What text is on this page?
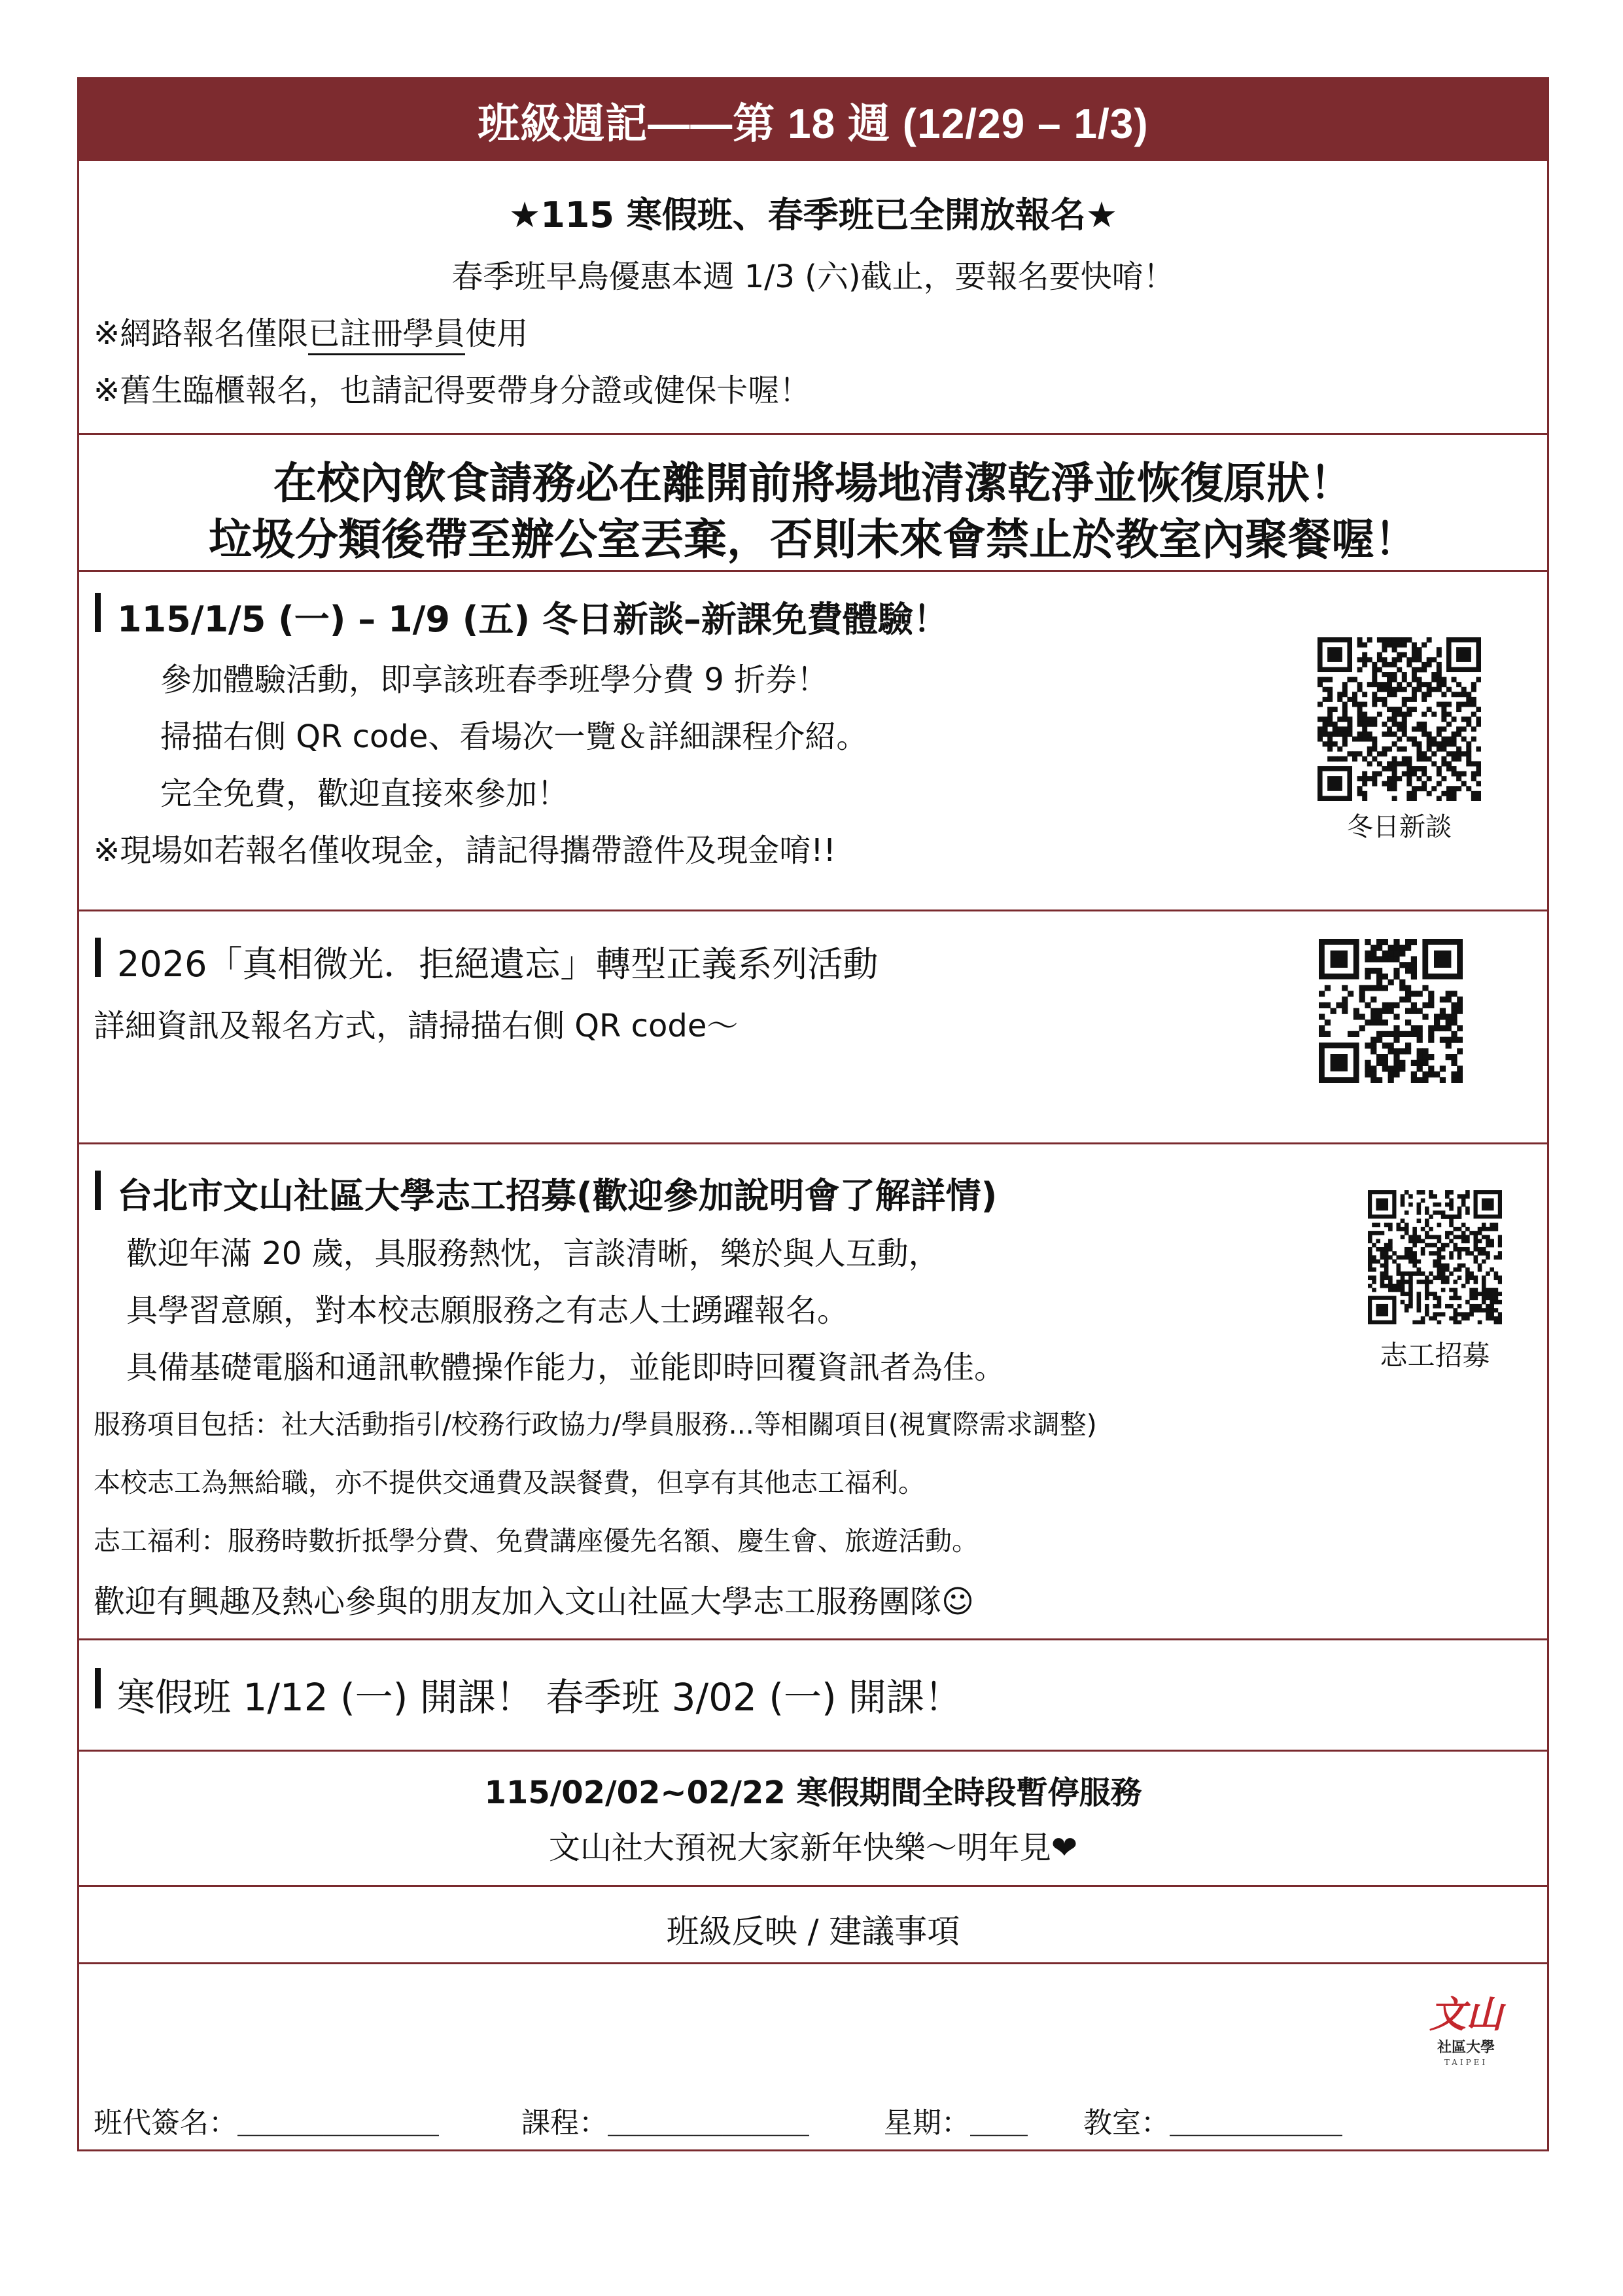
班級週記——第 18 週 (12/29 – 1/3)
★115 寒假班、春季班已全開放報名★
春季班早鳥優惠本週 1/3 (六)截止，要報名要快唷！
※網路報名僅限已註冊學員使用
※舊生臨櫃報名，也請記得要帶身分證或健保卡喔！
在校內飲食請務必在離開前將場地清潔乾淨並恢復原狀！
垃圾分類後帶至辦公室丟棄，否則未來會禁止於教室內聚餐喔！
115/1/5 (一) – 1/9 (五) 冬日新談–新課免費體驗！
參加體驗活動，即享該班春季班學分費 9 折券！
掃描右側 QR code、看場次一覽＆詳細課程介紹。
完全免費，歡迎直接來參加！
※現場如若報名僅收現金，請記得攜帶證件及現金唷!!
冬日新談
2026「真相微光．拒絕遺忘」轉型正義系列活動
詳細資訊及報名方式，請掃描右側 QR code～
台北市文山社區大學志工招募(歡迎參加說明會了解詳情)
歡迎年滿 20 歲，具服務熱忱，言談清晰，樂於與人互動，
具學習意願，對本校志願服務之有志人士踴躍報名。
具備基礎電腦和通訊軟體操作能力，並能即時回覆資訊者為佳。
服務項目包括：社大活動指引/校務行政協力/學員服務...等相關項目(視實際需求調整)
本校志工為無給職，亦不提供交通費及誤餐費，但享有其他志工福利。
志工福利：服務時數折抵學分費、免費講座優先名額、慶生會、旅遊活動。
歡迎有興趣及熱心參與的朋友加入文山社區大學志工服務團隊☺
志工招募
寒假班 1/12 (一) 開課！ 春季班 3/02 (一) 開課！
115/02/02~02/22 寒假期間全時段暫停服務
文山社大預祝大家新年快樂～明年見❤
班級反映 / 建議事項
班代簽名：＿＿＿＿＿＿＿	課程：＿＿＿＿＿＿＿	星期：＿＿ 教室：＿＿＿＿＿＿
文山
社區大學
TAIPEI
